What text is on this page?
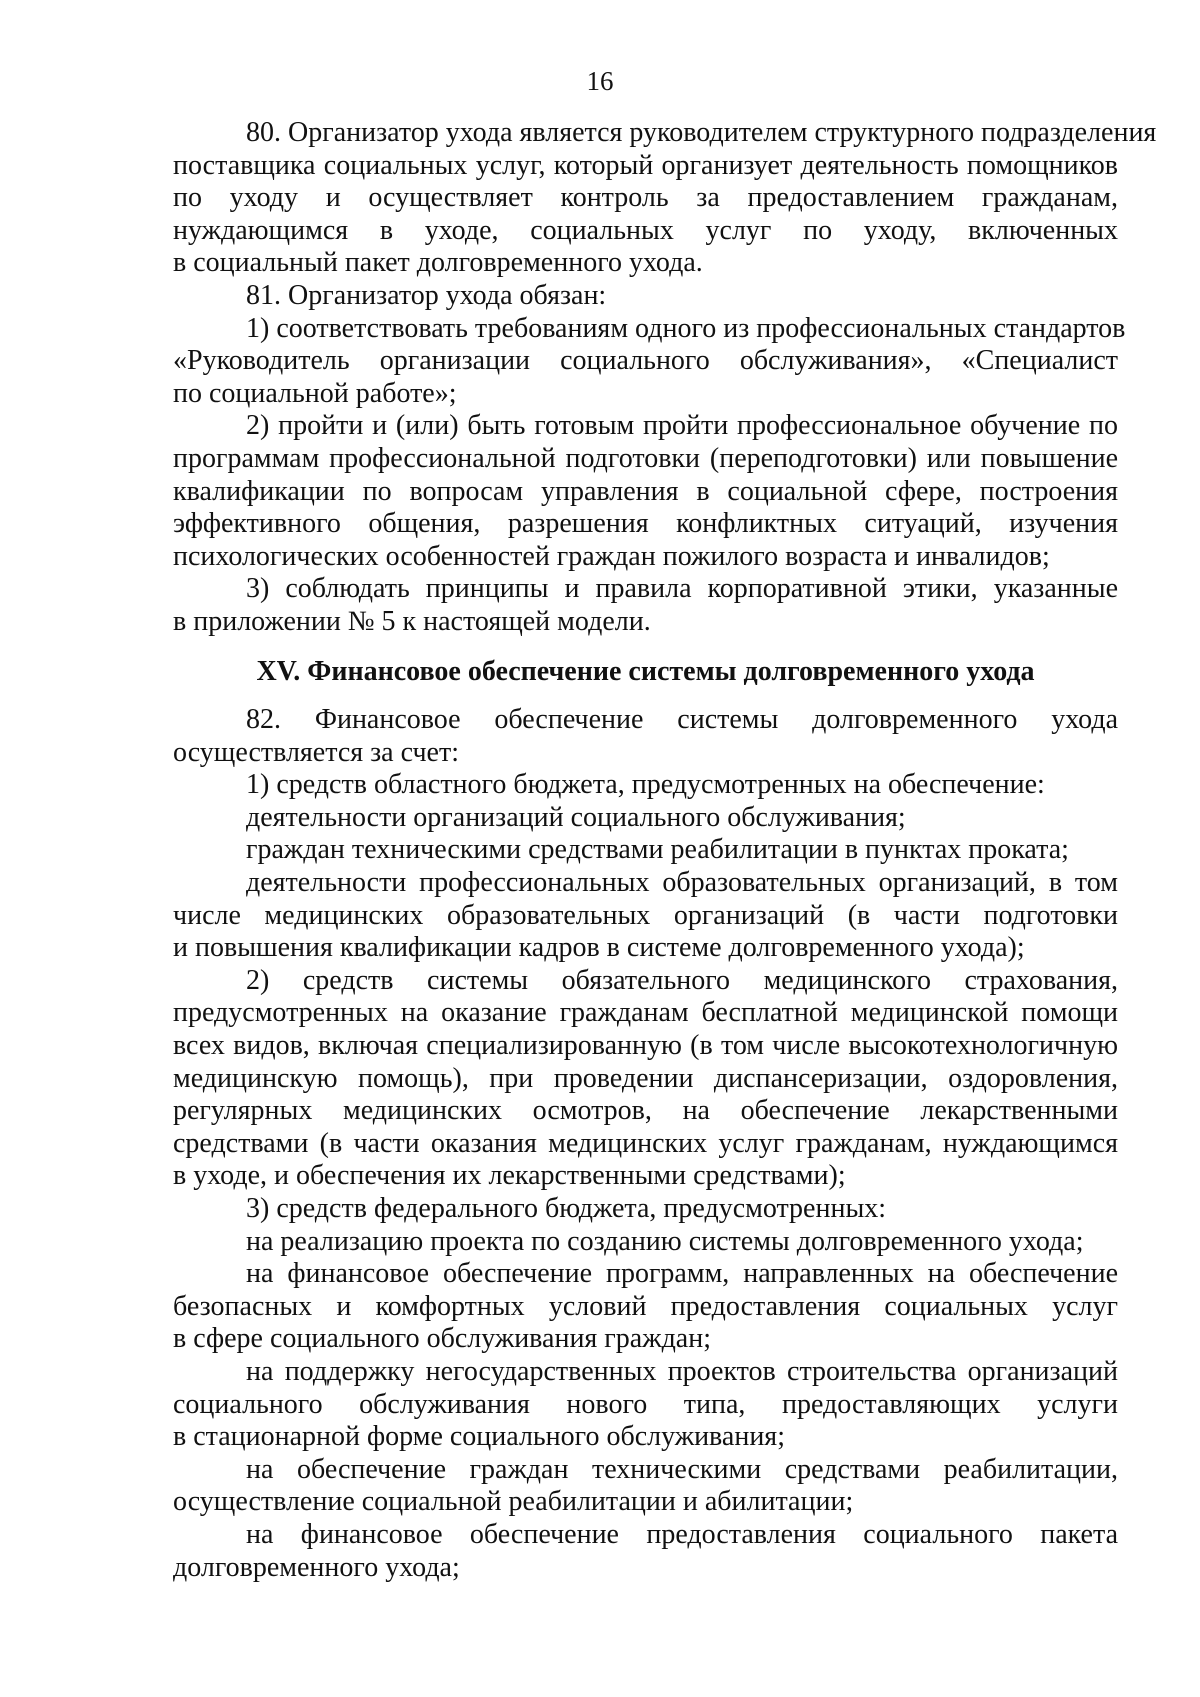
16
80. Организатор ухода является руководителем структурного подразделения
поставщика социальных услуг, который организует деятельность помощников
по уходу и осуществляет контроль за предоставлением гражданам,
нуждающимся в уходе, социальных услуг по уходу, включенных
в социальный пакет долговременного ухода.
81. Организатор ухода обязан:
1) соответствовать требованиям одного из профессиональных стандартов
«Руководитель организации социального обслуживания», «Специалист
по социальной работе»;
2) пройти и (или) быть готовым пройти профессиональное обучение по
программам профессиональной подготовки (переподготовки) или повышение
квалификации по вопросам управления в социальной сфере, построения
эффективного общения, разрешения конфликтных ситуаций, изучения
психологических особенностей граждан пожилого возраста и инвалидов;
3) соблюдать принципы и правила корпоративной этики, указанные
в приложении № 5 к настоящей модели.
XV. Финансовое обеспечение системы долговременного ухода
82. Финансовое обеспечение системы долговременного ухода
осуществляется за счет:
1) средств областного бюджета, предусмотренных на обеспечение:
деятельности организаций социального обслуживания;
граждан техническими средствами реабилитации в пунктах проката;
деятельности профессиональных образовательных организаций, в том
числе медицинских образовательных организаций (в части подготовки
и повышения квалификации кадров в системе долговременного ухода);
2) средств системы обязательного медицинского страхования,
предусмотренных на оказание гражданам бесплатной медицинской помощи
всех видов, включая специализированную (в том числе высокотехнологичную
медицинскую помощь), при проведении диспансеризации, оздоровления,
регулярных медицинских осмотров, на обеспечение лекарственными
средствами (в части оказания медицинских услуг гражданам, нуждающимся
в уходе, и обеспечения их лекарственными средствами);
3) средств федерального бюджета, предусмотренных:
на реализацию проекта по созданию системы долговременного ухода;
на финансовое обеспечение программ, направленных на обеспечение
безопасных и комфортных условий предоставления социальных услуг
в сфере социального обслуживания граждан;
на поддержку негосударственных проектов строительства организаций
социального обслуживания нового типа, предоставляющих услуги
в стационарной форме социального обслуживания;
на обеспечение граждан техническими средствами реабилитации,
осуществление социальной реабилитации и абилитации;
на финансовое обеспечение предоставления социального пакета
долговременного ухода;
